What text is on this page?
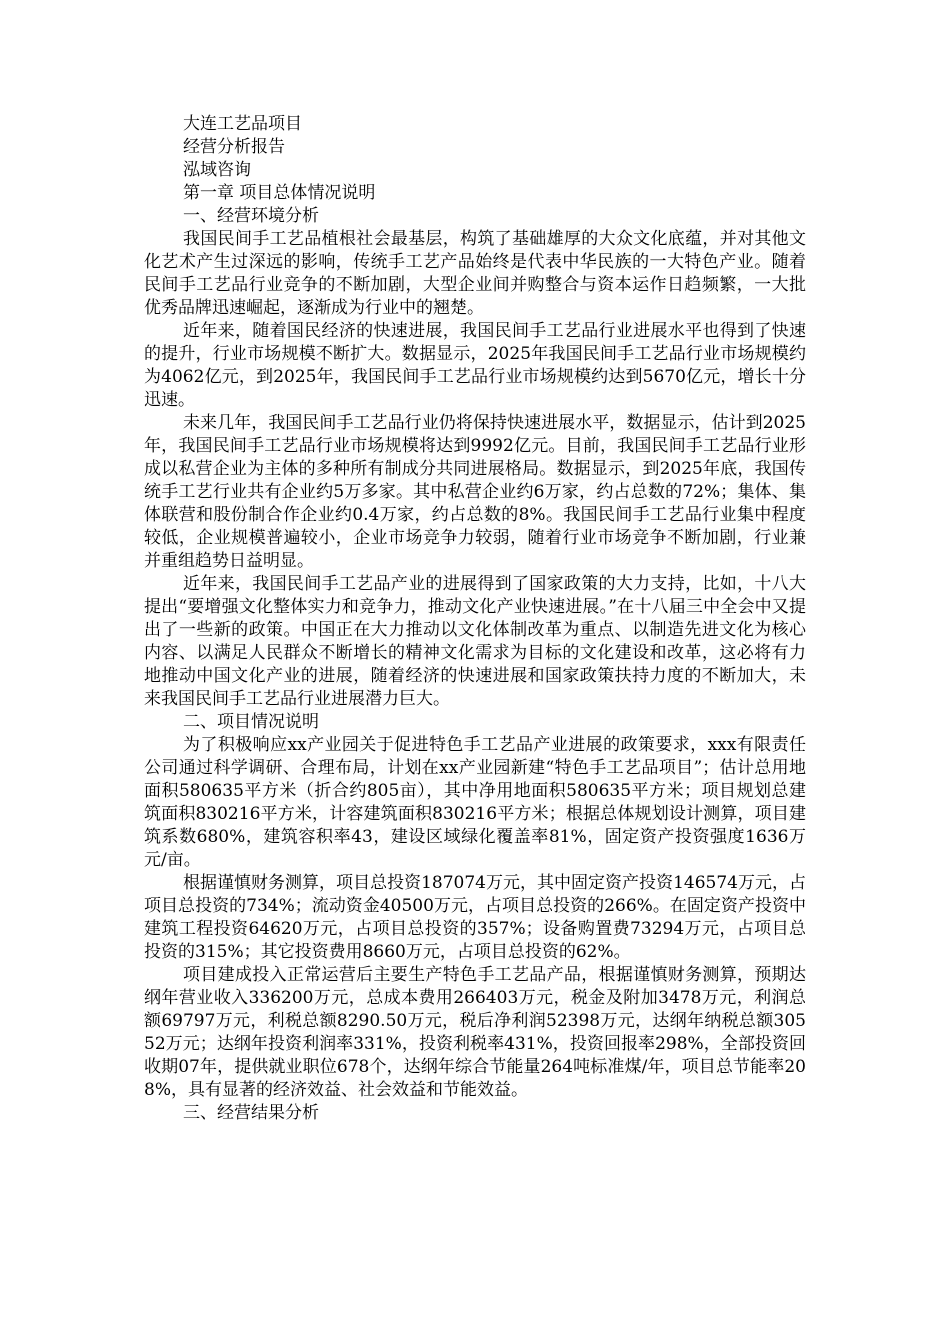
大连工艺品项目

经营分析报告

泓域咨询

第一章 项目总体情况说明

一、经营环境分析

我国民间手工艺品植根社会最基层，构筑了基础雄厚的大众文化底蕴，并对其他文化艺术产生过深远的影响，传统手工艺产品始终是代表中华民族的一大特色产业。随着民间手工艺品行业竞争的不断加剧，大型企业间并购整合与资本运作日趋频繁，一大批优秀品牌迅速崛起，逐渐成为行业中的翘楚。

近年来，随着国民经济的快速进展，我国民间手工艺品行业进展水平也得到了快速的提升，行业市场规模不断扩大。数据显示，2025年我国民间手工艺品行业市场规模约为4062亿元，到2025年，我国民间手工艺品行业市场规模约达到5670亿元，增长十分迅速。

未来几年，我国民间手工艺品行业仍将保持快速进展水平，数据显示，估计到2025年，我国民间手工艺品行业市场规模将达到9992亿元。目前，我国民间手工艺品行业形成以私营企业为主体的多种所有制成分共同进展格局。数据显示，到2025年底，我国传统手工艺行业共有企业约5万多家。其中私营企业约6万家，约占总数的72%；集体、集体联营和股份制合作企业约0.4万家，约占总数的8%。我国民间手工艺品行业集中程度较低，企业规模普遍较小，企业市场竞争力较弱，随着行业市场竞争不断加剧，行业兼并重组趋势日益明显。

近年来，我国民间手工艺品产业的进展得到了国家政策的大力支持，比如，十八大提出“要增强文化整体实力和竞争力，推动文化产业快速进展。”在十八届三中全会中又提出了一些新的政策。中国正在大力推动以文化体制改革为重点、以制造先进文化为核心内容、以满足人民群众不断增长的精神文化需求为目标的文化建设和改革，这必将有力地推动中国文化产业的进展，随着经济的快速进展和国家政策扶持力度的不断加大，未来我国民间手工艺品行业进展潜力巨大。

二、项目情况说明

为了积极响应xx产业园关于促进特色手工艺品产业进展的政策要求，xxx有限责任公司通过科学调研、合理布局，计划在xx产业园新建“特色手工艺品项目”；估计总用地面积580635平方米（折合约805亩），其中净用地面积580635平方米；项目规划总建筑面积830216平方米，计容建筑面积830216平方米；根据总体规划设计测算，项目建筑系数680%，建筑容积率43，建设区域绿化覆盖率81%，固定资产投资强度1636万元/亩。

根据谨慎财务测算，项目总投资187074万元，其中固定资产投资146574万元，占项目总投资的734%；流动资金40500万元，占项目总投资的266%。在固定资产投资中建筑工程投资64620万元，占项目总投资的357%；设备购置费73294万元，占项目总投资的315%；其它投资费用8660万元，占项目总投资的62%。

项目建成投入正常运营后主要生产特色手工艺品产品，根据谨慎财务测算，预期达纲年营业收入336200万元，总成本费用266403万元，税金及附加3478万元，利润总额69797万元，利税总额8290.50万元，税后净利润52398万元，达纲年纳税总额30552万元；达纲年投资利润率331%，投资利税率431%，投资回报率298%，全部投资回收期07年，提供就业职位678个，达纲年综合节能量264吨标准煤/年，项目总节能率208%，具有显著的经济效益、社会效益和节能效益。

三、经营结果分析
